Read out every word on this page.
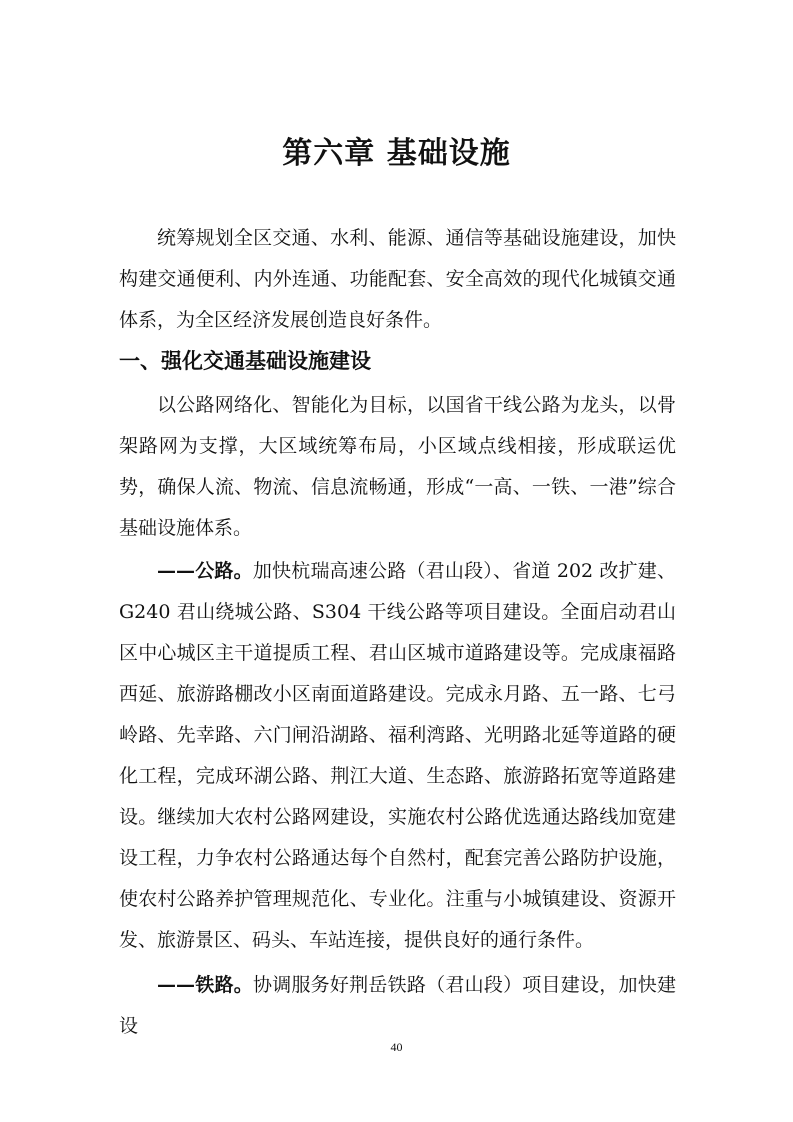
第六章 基础设施

统筹规划全区交通、水利、能源、通信等基础设施建设，加快构建交通便利、内外连通、功能配套、安全高效的现代化城镇交通体系，为全区经济发展创造良好条件。

一、强化交通基础设施建设

以公路网络化、智能化为目标，以国省干线公路为龙头，以骨架路网为支撑，大区域统筹布局，小区域点线相接，形成联运优势，确保人流、物流、信息流畅通，形成“一高、一铁、一港”综合基础设施体系。

——公路。加快杭瑞高速公路（君山段）、省道 202 改扩建、G240 君山绕城公路、S304 干线公路等项目建设。全面启动君山区中心城区主干道提质工程、君山区城市道路建设等。完成康福路西延、旅游路棚改小区南面道路建设。完成永月路、五一路、七弓岭路、先幸路、六门闸沿湖路、福利湾路、光明路北延等道路的硬化工程，完成环湖公路、荆江大道、生态路、旅游路拓宽等道路建设。继续加大农村公路网建设，实施农村公路优选通达路线加宽建设工程，力争农村公路通达每个自然村，配套完善公路防护设施，使农村公路养护管理规范化、专业化。注重与小城镇建设、资源开发、旅游景区、码头、车站连接，提供良好的通行条件。

——铁路。协调服务好荆岳铁路（君山段）项目建设，加快建设

40
